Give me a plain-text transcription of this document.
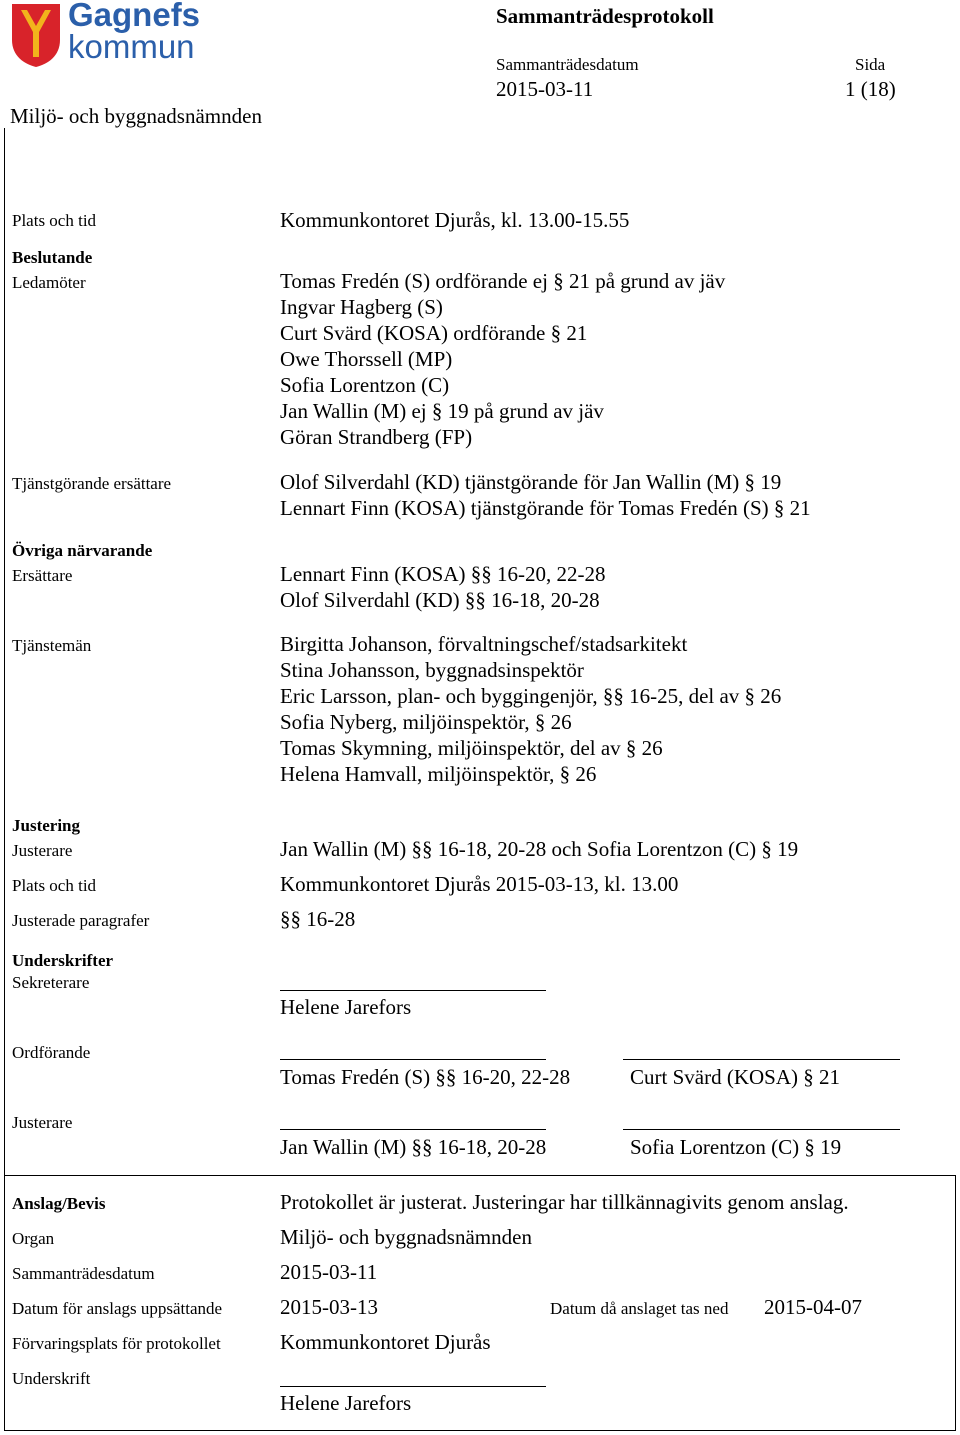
Gagnefs
kommun
Sammanträdesprotokoll
Sammanträdesdatum
2015-03-11
Sida
1 (18)
Miljö- och byggnadsnämnden
Plats och tid	Kommunkontoret Djurås, kl. 13.00-15.55
Beslutande
Ledamöter	Tomas Fredén (S) ordförande ej § 21 på grund av jäv
Ingvar Hagberg (S)
Curt Svärd (KOSA) ordförande § 21
Owe Thorssell (MP)
Sofia Lorentzon (C)
Jan Wallin (M) ej § 19 på grund av jäv
Göran Strandberg (FP)
Tjänstgörande ersättare	Olof Silverdahl (KD) tjänstgörande för Jan Wallin (M) § 19
Lennart Finn (KOSA) tjänstgörande för Tomas Fredén (S) § 21
Övriga närvarande
Ersättare	Lennart Finn (KOSA) §§ 16-20, 22-28
Olof Silverdahl (KD) §§ 16-18, 20-28
Tjänstemän	Birgitta Johanson, förvaltningschef/stadsarkitekt
Stina Johansson, byggnadsinspektör
Eric Larsson, plan- och byggingenjör, §§ 16-25, del av § 26
Sofia Nyberg, miljöinspektör, § 26
Tomas Skymning, miljöinspektör, del av § 26
Helena Hamvall, miljöinspektör, § 26
Justering
Justerare	Jan Wallin (M) §§ 16-18, 20-28 och Sofia Lorentzon (C) § 19
Plats och tid	Kommunkontoret Djurås 2015-03-13, kl. 13.00
Justerade paragrafer	§§ 16-28
Underskrifter
Sekreterare
Helene Jarefors
Ordförande
Tomas Fredén (S) §§ 16-20, 22-28	Curt Svärd (KOSA) § 21
Justerare
Jan Wallin (M) §§ 16-18, 20-28	Sofia Lorentzon (C) § 19
Anslag/Bevis	Protokollet är justerat. Justeringar har tillkännagivits genom anslag.
Organ	Miljö- och byggnadsnämnden
Sammanträdesdatum	2015-03-11
Datum för anslags uppsättande	2015-03-13	Datum då anslaget tas ned 2015-04-07
Förvaringsplats för protokollet	Kommunkontoret Djurås
Underskrift
Helene Jarefors
